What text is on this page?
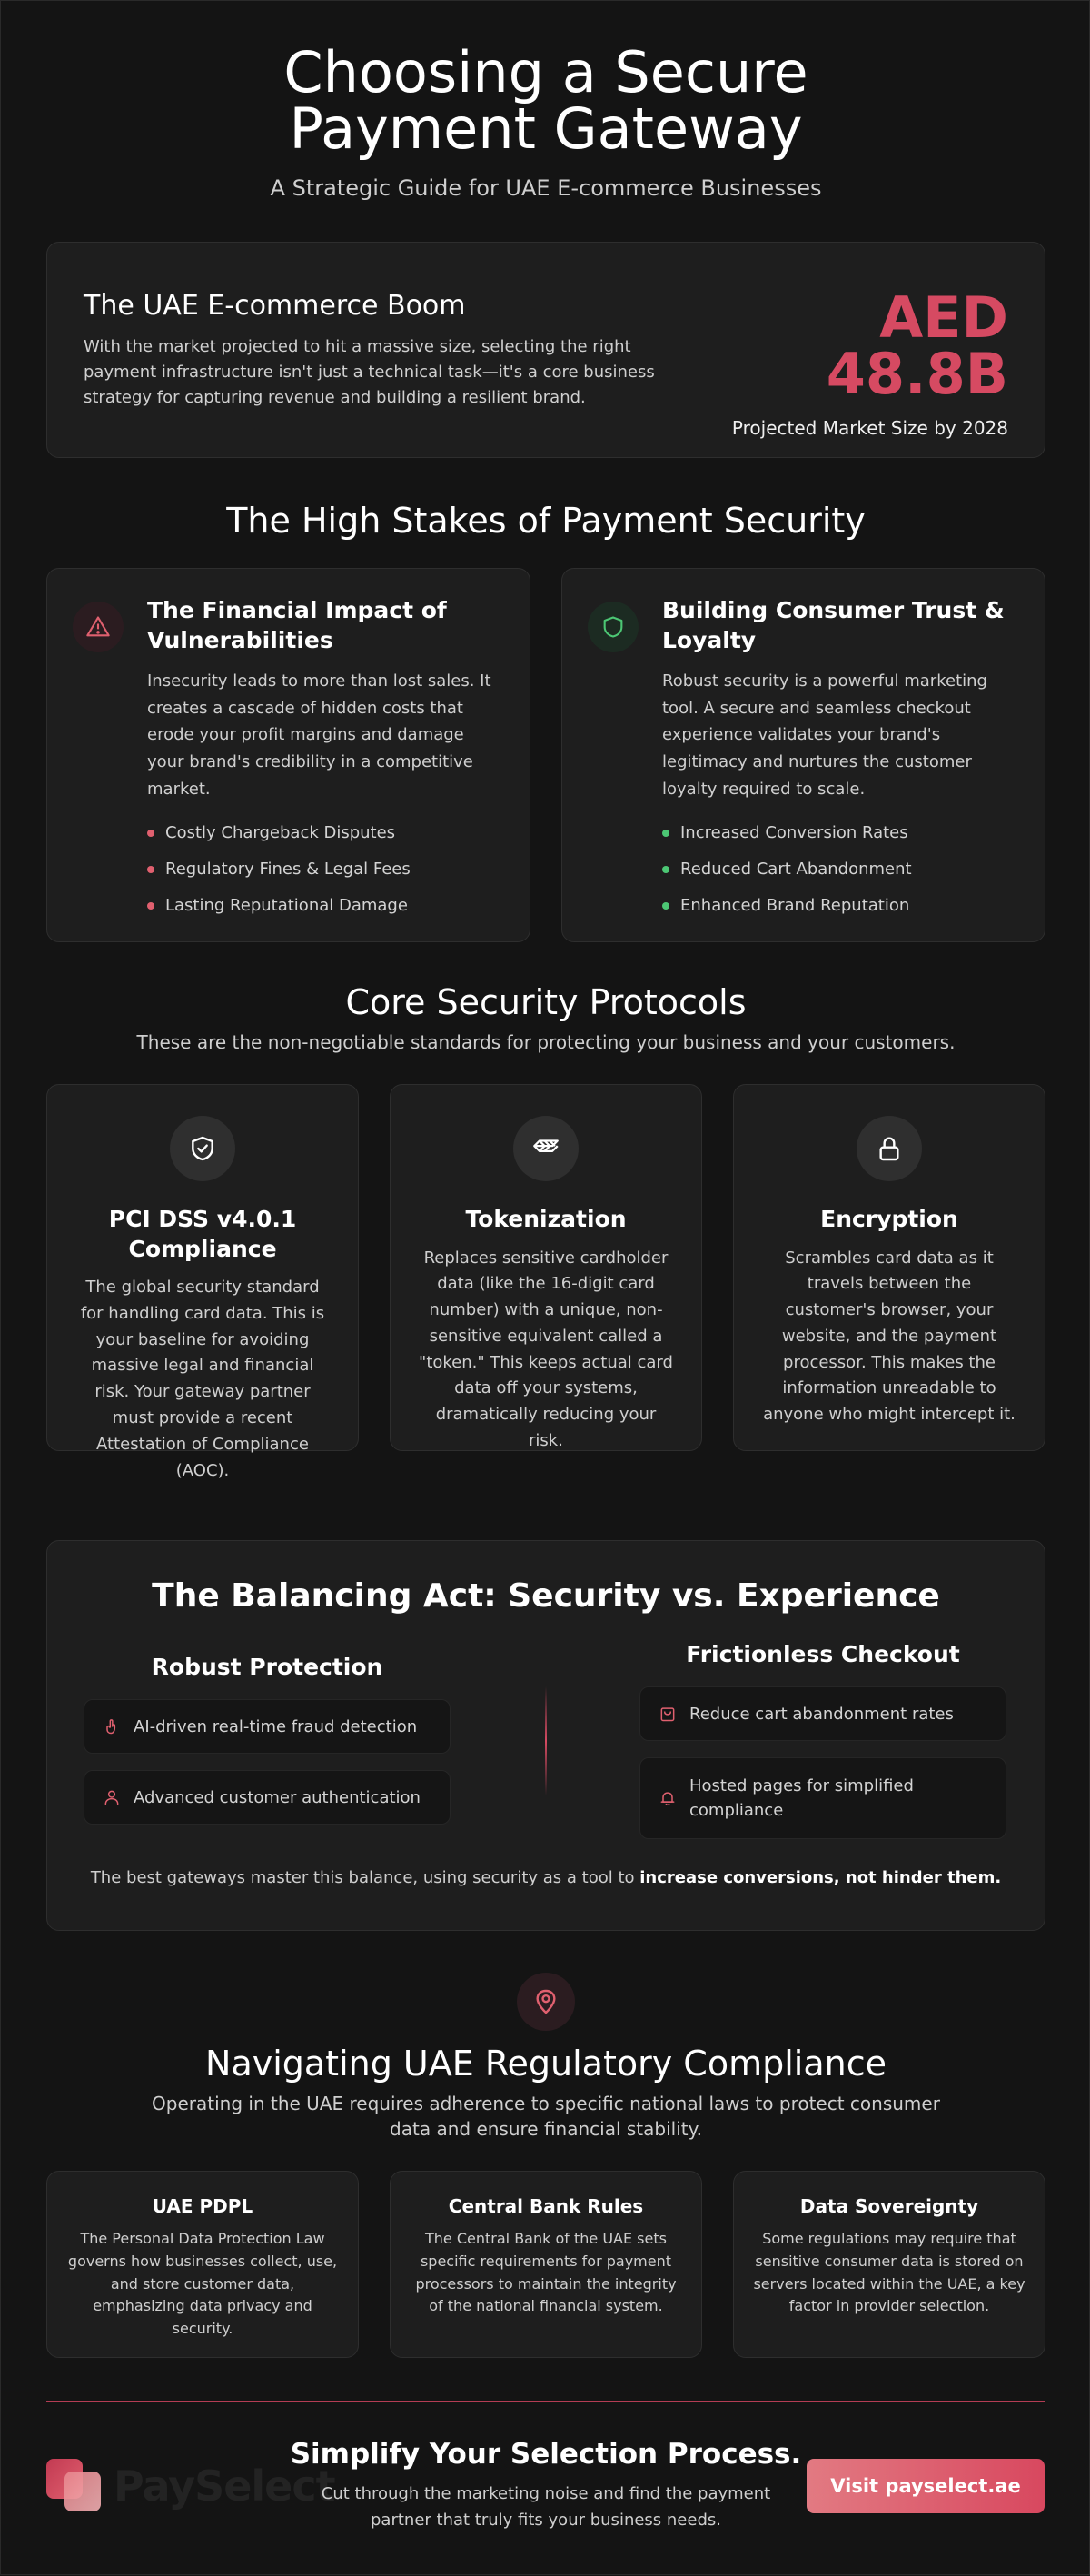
Choosing a Secure Payment Gateway

A Strategic Guide for UAE E-commerce Businesses

The UAE E-commerce Boom

With the market projected to hit a massive size, selecting the right payment infrastructure isn't just a technical task—it's a core business strategy for capturing revenue and building a resilient brand.

AED 48.8B
Projected Market Size by 2028
The High Stakes of Payment Security
The Financial Impact of Vulnerabilities

Insecurity leads to more than lost sales. It creates a cascade of hidden costs that erode your profit margins and damage your brand's credibility in a competitive market.

Costly Chargeback Disputes
Regulatory Fines & Legal Fees
Lasting Reputational Damage
Building Consumer Trust & Loyalty

Robust security is a powerful marketing tool. A secure and seamless checkout experience validates your brand's legitimacy and nurtures the customer loyalty required to scale.

Increased Conversion Rates
Reduced Cart Abandonment
Enhanced Brand Reputation
Core Security Protocols

These are the non-negotiable standards for protecting your business and your customers.

PCI DSS v4.0.1 Compliance

The global security standard for handling card data. This is your baseline for avoiding massive legal and financial risk. Your gateway partner must provide a recent Attestation of Compliance (AOC).

Tokenization

Replaces sensitive cardholder data (like the 16-digit card number) with a unique, non-sensitive equivalent called a "token." This keeps actual card data off your systems, dramatically reducing your risk.

Encryption

Scrambles card data as it travels between the customer's browser, your website, and the payment processor. This makes the information unreadable to anyone who might intercept it.

The Balancing Act: Security vs. Experience
Robust Protection
AI-driven real-time fraud detection
Advanced customer authentication
Frictionless Checkout
Reduce cart abandonment rates
Hosted pages for simplified compliance

The best gateways master this balance, using security as a tool to increase conversions, not hinder them.

Navigating UAE Regulatory Compliance

Operating in the UAE requires adherence to specific national laws to protect consumer data and ensure financial stability.

UAE PDPL

The Personal Data Protection Law governs how businesses collect, use, and store customer data, emphasizing data privacy and security.

Central Bank Rules

The Central Bank of the UAE sets specific requirements for payment processors to maintain the integrity of the national financial system.

Data Sovereignty

Some regulations may require that sensitive consumer data is stored on servers located within the UAE, a key factor in provider selection.

PaySelect
Simplify Your Selection Process.

Cut through the marketing noise and find the payment partner that truly fits your business needs.

Visit payselect.ae
